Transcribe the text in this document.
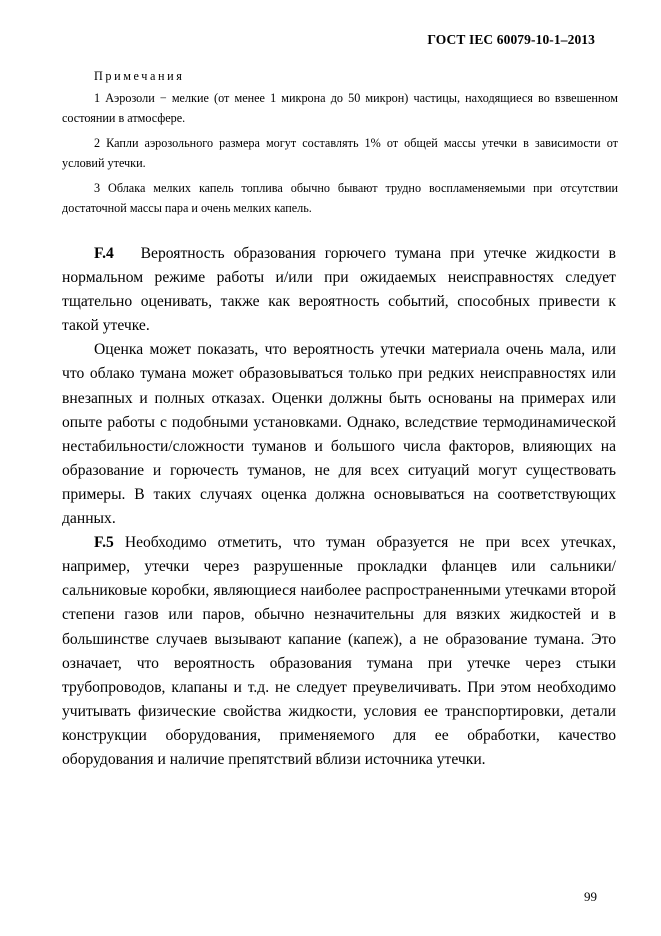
ГОСТ IEC 60079-10-1–2013

Примечания

1 Аэрозоли − мелкие (от менее 1 микрона до 50 микрон) частицы, находящиеся во взвешенном состоянии в атмосфере.

2 Капли аэрозольного размера могут составлять 1% от общей массы утечки в зависимости от условий утечки.

3 Облака мелких капель топлива обычно бывают трудно воспламеняемыми при отсутствии достаточной массы пара и очень мелких капель.

F.4 Вероятность образования горючего тумана при утечке жидкости в нормальном режиме работы и/или при ожидаемых неисправностях следует тщательно оценивать, также как вероятность событий, способных привести к такой утечке.

Оценка может показать, что вероятность утечки материала очень мала, или что облако тумана может образовываться только при редких неисправностях или внезапных и полных отказах. Оценки должны быть основаны на примерах или опыте работы с подобными установками. Однако, вследствие термодинамической нестабильности/сложности туманов и большого числа факторов, влияющих на образование и горючесть туманов, не для всех ситуаций могут существовать примеры. В таких случаях оценка должна основываться на соответствующих данных.

F.5 Необходимо отметить, что туман образуется не при всех утечках, например, утечки через разрушенные прокладки фланцев или сальники/сальниковые коробки, являющиеся наиболее распространенными утечками второй степени газов или паров, обычно незначительны для вязких жидкостей и в большинстве случаев вызывают капание (капеж), а не образование тумана. Это означает, что вероятность образования тумана при утечке через стыки трубопроводов, клапаны и т.д. не следует преувеличивать. При этом необходимо учитывать физические свойства жидкости, условия ее транспортировки, детали конструкции оборудования, применяемого для ее обработки, качество оборудования и наличие препятствий вблизи источника утечки.

99
